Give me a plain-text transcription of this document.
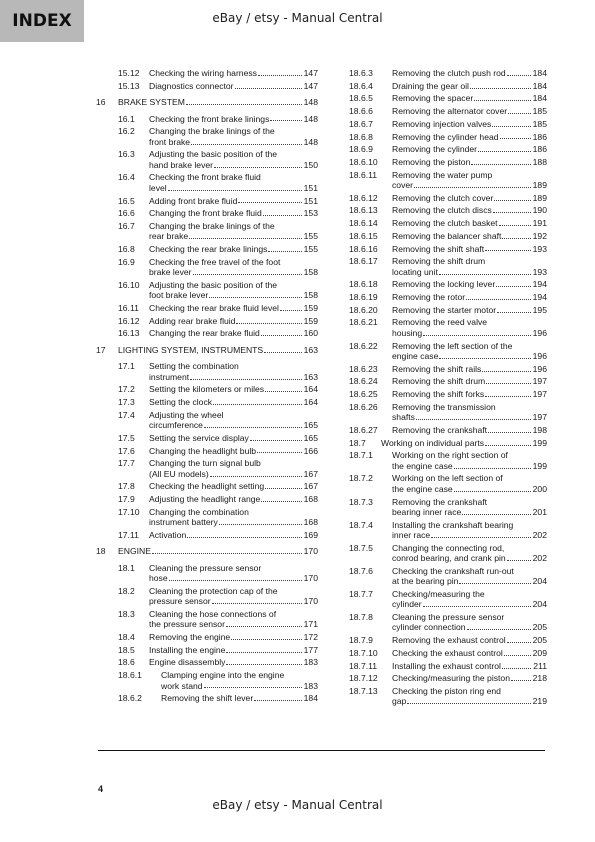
INDEX	eBay / etsy - Manual Central
15.12 Checking the wiring harness	147
15.13 Diagnostics connector	147
16 BRAKE SYSTEM	148
16.1 Checking the front brake linings	148
16.2 Changing the brake linings of the
front brake	148
16.3 Adjusting the basic position of the
hand brake lever	150
16.4 Checking the front brake fluid
level	151
16.5 Adding front brake fluid	151
16.6 Changing the front brake fluid	153
16.7 Changing the brake linings of the
rear brake	155
16.8 Checking the rear brake linings	155
16.9 Checking the free travel of the foot
brake lever	158
16.10 Adjusting the basic position of the
foot brake lever	158
16.11 Checking the rear brake fluid level	159
16.12 Adding rear brake fluid	159
16.13 Changing the rear brake fluid	160
17 LIGHTING SYSTEM, INSTRUMENTS	163
17.1 Setting the combination
instrument	163
17.2 Setting the kilometers or miles	164
17.3 Setting the clock	164
17.4 Adjusting the wheel
circumference	165
17.5 Setting the service display	165
17.6 Changing the headlight bulb	166
17.7 Changing the turn signal bulb
(All EU models)	167
17.8 Checking the headlight setting	167
17.9 Adjusting the headlight range	168
17.10 Changing the combination
instrument battery	168
17.11 Activation	169
18 ENGINE	170
18.1 Cleaning the pressure sensor
hose	170
18.2 Cleaning the protection cap of the
pressure sensor	170
18.3 Cleaning the hose connections of
the pressure sensor	171
18.4 Removing the engine	172
18.5 Installing the engine	177
18.6 Engine disassembly	183
18.6.1 Clamping engine into the engine
work stand	183
18.6.2 Removing the shift lever	184
18.6.3 Removing the clutch push rod	184
18.6.4 Draining the gear oil	184
18.6.5 Removing the spacer	184
18.6.6 Removing the alternator cover	185
18.6.7 Removing injection valves	185
18.6.8 Removing the cylinder head	186
18.6.9 Removing the cylinder	186
18.6.10 Removing the piston	188
18.6.11 Removing the water pump
cover	189
18.6.12 Removing the clutch cover	189
18.6.13 Removing the clutch discs	190
18.6.14 Removing the clutch basket	191
18.6.15 Removing the balancer shaft	192
18.6.16 Removing the shift shaft	193
18.6.17 Removing the shift drum
locating unit	193
18.6.18 Removing the locking lever	194
18.6.19 Removing the rotor	194
18.6.20 Removing the starter motor	195
18.6.21 Removing the reed valve
housing	196
18.6.22 Removing the left section of the
engine case	196
18.6.23 Removing the shift rails	196
18.6.24 Removing the shift drum	197
18.6.25 Removing the shift forks	197
18.6.26 Removing the transmission
shafts	197
18.6.27 Removing the crankshaft	198
18.7 Working on individual parts	199
18.7.1 Working on the right section of
the engine case	199
18.7.2 Working on the left section of
the engine case	200
18.7.3 Removing the crankshaft
bearing inner race	201
18.7.4 Installing the crankshaft bearing
inner race	202
18.7.5 Changing the connecting rod,
conrod bearing, and crank pin	202
18.7.6 Checking the crankshaft run-out
at the bearing pin	204
18.7.7 Checking/measuring the
cylinder	204
18.7.8 Cleaning the pressure sensor
cylinder connection	205
18.7.9 Removing the exhaust control	205
18.7.10 Checking the exhaust control	209
18.7.11 Installing the exhaust control	211
18.7.12 Checking/measuring the piston	218
18.7.13 Checking the piston ring end
gap	219
4
eBay / etsy - Manual Central
